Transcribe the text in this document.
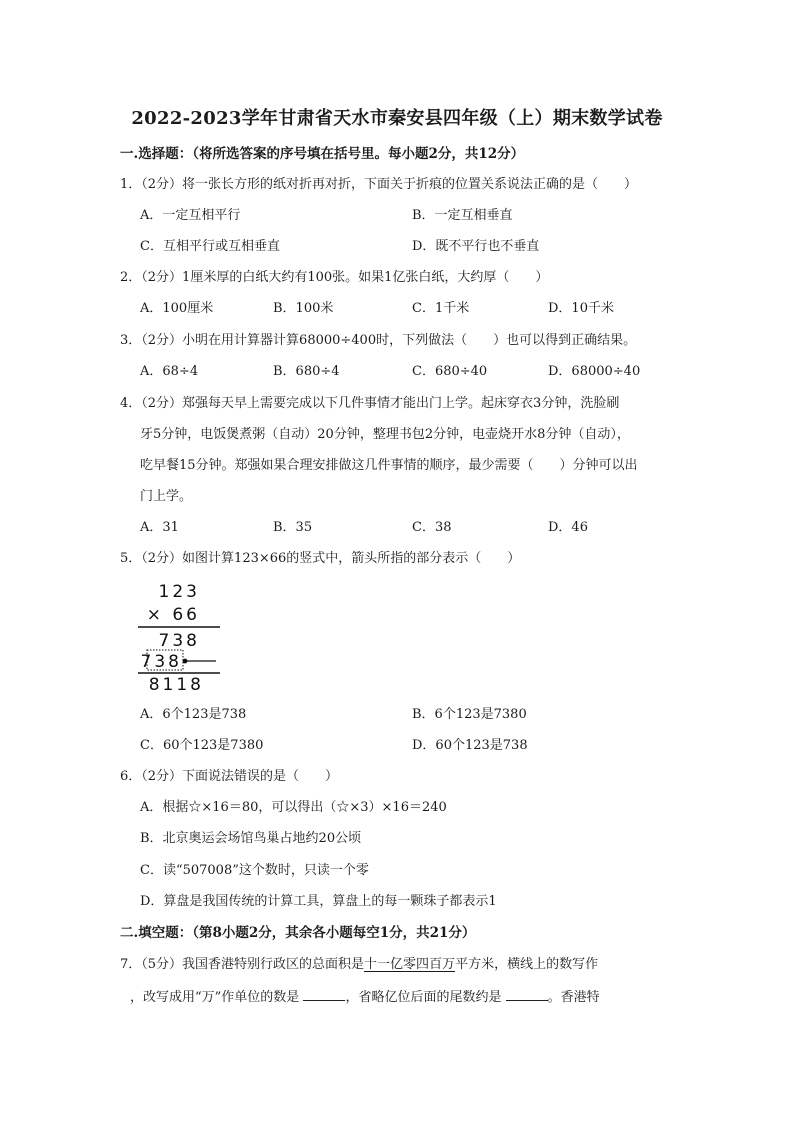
2022-2023学年甘肃省天水市秦安县四年级（上）期末数学试卷
一.选择题：（将所选答案的序号填在括号里。每小题2分，共12分）
1．（2分）将一张长方形的纸对折再对折，下面关于折痕的位置关系说法正确的是（　　）
A．一定互相平行	B．一定互相垂直
C．互相平行或互相垂直	D．既不平行也不垂直
2．（2分）1厘米厚的白纸大约有100张。如果1亿张白纸，大约厚（　　）
A．100厘米	B．100米	C．1千米	D．10千米
3．（2分）小明在用计算器计算68000÷400时，下列做法（　　）也可以得到正确结果。
A．68÷4	B．680÷4	C．680÷40	D．68000÷40
4．（2分）郑强每天早上需要完成以下几件事情才能出门上学。起床穿衣3分钟，洗脸刷
牙5分钟，电饭煲煮粥（自动）20分钟，整理书包2分钟，电壶烧开水8分钟（自动），
吃早餐15分钟。郑强如果合理安排做这几件事情的顺序，最少需要（　　）分钟可以出
门上学。
A．31	B．35	C．38	D．46
5．（2分）如图计算123×66的竖式中，箭头所指的部分表示（　　）
123
× 66
738
738
8118
A．6个123是738	B．6个123是7380
C．60个123是7380	D．60个123是738
6．（2分）下面说法错误的是（　　）
A．根据☆×16＝80，可以得出（☆×3）×16＝240
B．北京奥运会场馆鸟巢占地约20公顷
C．读“507008”这个数时，只读一个零
D．算盘是我国传统的计算工具，算盘上的每一颗珠子都表示1
二.填空题：（第8小题2分，其余各小题每空1分，共21分）
7．（5分）我国香港特别行政区的总面积是十一亿零四百万平方米，横线上的数写作
，改写成用“万”作单位的数是	，省略亿位后面的尾数约是	。香港特
